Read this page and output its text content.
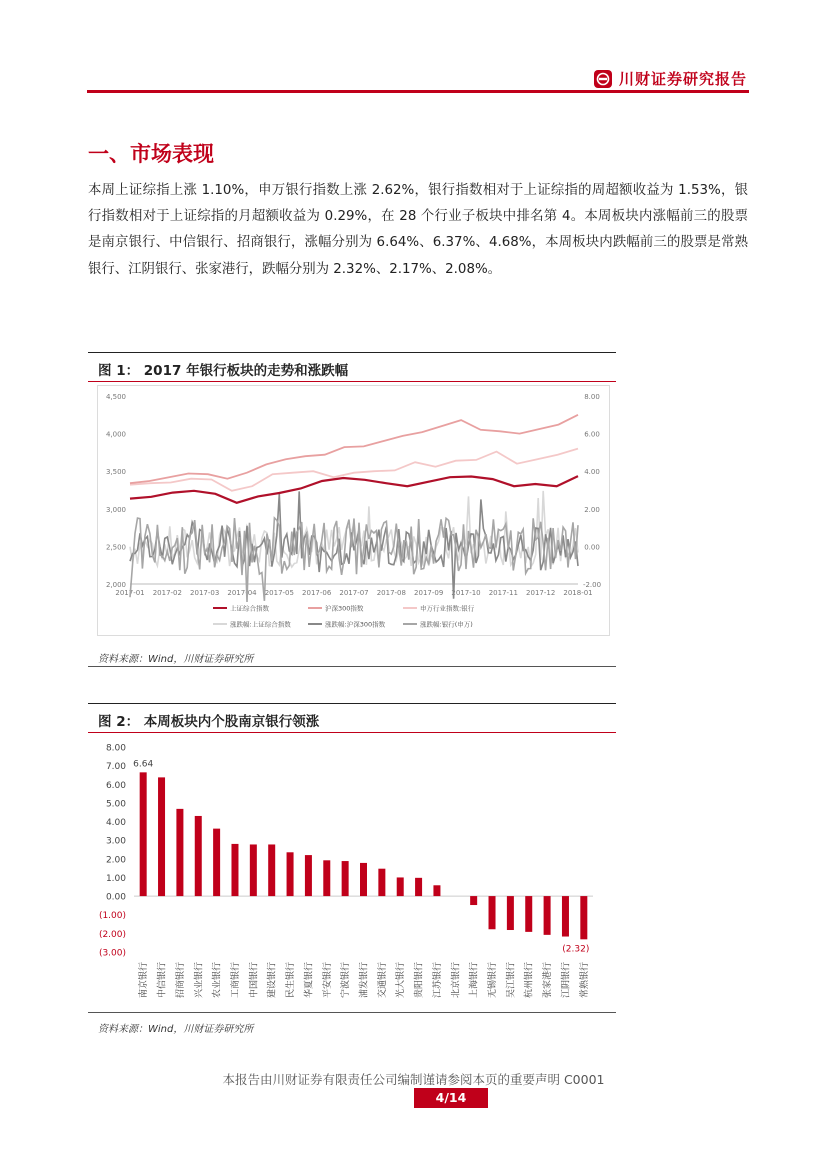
川财证券研究报告
一、市场表现

本周上证综指上涨 1.10%，申万银行指数上涨 2.62%，银行指数相对于上证综指的周超额收益为 1.53%，银行指数相对于上证综指的月超额收益为 0.29%，在 28 个行业子板块中排名第 4。本周板块内涨幅前三的股票是南京银行、中信银行、招商银行，涨幅分别为 6.64%、6.37%、4.68%，本周板块内跌幅前三的股票是常熟银行、江阴银行、张家港行，跌幅分别为 2.32%、2.17%、2.08%。

图 1： 2017 年银行板块的走势和涨跌幅
2,000
2,500
3,000
3,500
4,000
4,500
-2.00
0.00
2.00
4.00
6.00
8.00
2017-01 2017-02 2017-03 2017-04 2017-05 2017-06 2017-07 2017-08 2017-09 2017-10 2017-11 2017-12 2018-01
上证综合指数	沪深300指数	申万行业指数:银行
涨跌幅:上证综合指数	涨跌幅:沪深300指数	涨跌幅:银行(申万)
资料来源：Wind，川财证券研究所
图 2： 本周板块内个股南京银行领涨
8.00
7.00
6.00
5.00
4.00
3.00
2.00
1.00
0.00
(1.00)
(2.00)
(3.00)
南京银行 中信银行 招商银行 兴业银行 农业银行 工商银行 中国银行 建设银行 民生银行 华夏银行 平安银行 宁波银行 浦发银行 交通银行 光大银行 贵阳银行 江苏银行 北京银行 上海银行 无锡银行 吴江银行 杭州银行 张家港行 江阴银行 常熟银行
6.64
(2.32)
资料来源：Wind，川财证券研究所
本报告由川财证券有限责任公司编制谨请参阅本页的重要声明 C0001
4/14
